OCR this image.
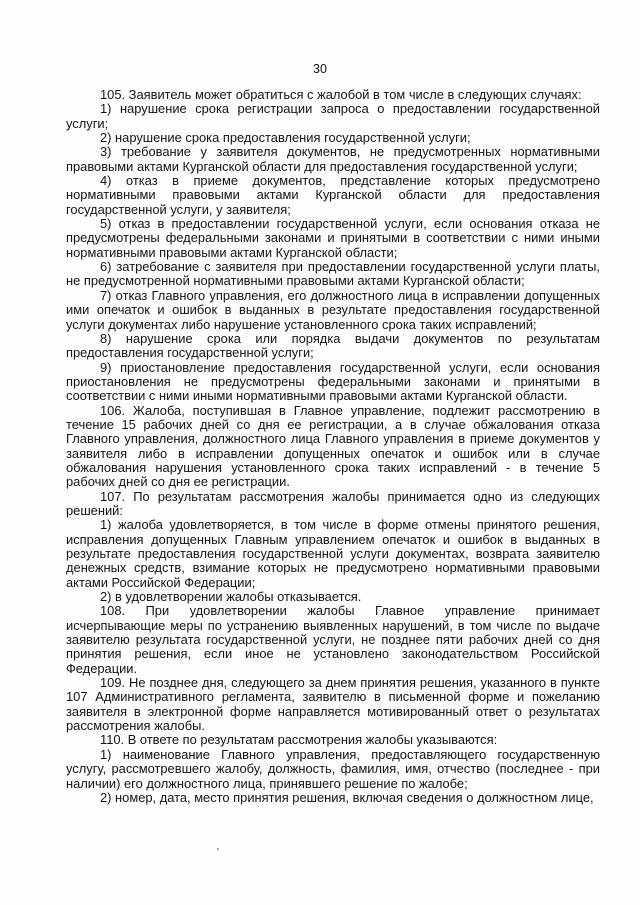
30

105. Заявитель может обратиться с жалобой в том числе в следующих случаях:

1) нарушение срока регистрации запроса о предоставлении государственной услуги;

2) нарушение срока предоставления государственной услуги;

3) требование у заявителя документов, не предусмотренных нормативными правовыми актами Курганской области для предоставления государственной услуги;

4) отказ в приеме документов, представление которых предусмотрено нормативными правовыми актами Курганской области для предоставления государственной услуги, у заявителя;

5) отказ в предоставлении государственной услуги, если основания отказа не предусмотрены федеральными законами и принятыми в соответствии с ними иными нормативными правовыми актами Курганской области;

6) затребование с заявителя при предоставлении государственной услуги платы, не предусмотренной нормативными правовыми актами Курганской области;

7) отказ Главного управления, его должностного лица в исправлении допущенных ими опечаток и ошибок в выданных в результате предоставления государственной услуги документах либо нарушение установленного срока таких исправлений;

8) нарушение срока или порядка выдачи документов по результатам предоставления государственной услуги;

9) приостановление предоставления государственной услуги, если основания приостановления не предусмотрены федеральными законами и принятыми в соответствии с ними иными нормативными правовыми актами Курганской области.

106. Жалоба, поступившая в Главное управление, подлежит рассмотрению в течение 15 рабочих дней со дня ее регистрации, а в случае обжалования отказа Главного управления, должностного лица Главного управления в приеме документов у заявителя либо в исправлении допущенных опечаток и ошибок или в случае обжалования нарушения установленного срока таких исправлений - в течение 5 рабочих дней со дня ее регистрации.

107. По результатам рассмотрения жалобы принимается одно из следующих решений:

1) жалоба удовлетворяется, в том числе в форме отмены принятого решения, исправления допущенных Главным управлением опечаток и ошибок в выданных в результате предоставления государственной услуги документах, возврата заявителю денежных средств, взимание которых не предусмотрено нормативными правовыми актами Российской Федерации;

2) в удовлетворении жалобы отказывается.

108. При удовлетворении жалобы Главное управление принимает исчерпывающие меры по устранению выявленных нарушений, в том числе по выдаче заявителю результата государственной услуги, не позднее пяти рабочих дней со дня принятия решения, если иное не установлено законодательством Российской Федерации.

109. Не позднее дня, следующего за днем принятия решения, указанного в пункте 107 Административного регламента, заявителю в письменной форме и пожеланию заявителя в электронной форме направляется мотивированный ответ о результатах рассмотрения жалобы.

110. В ответе по результатам рассмотрения жалобы указываются:

1) наименование Главного управления, предоставляющего государственную услугу, рассмотревшего жалобу, должность, фамилия, имя, отчество (последнее - при наличии) его должностного лица, принявшего решение по жалобе;

2) номер, дата, место принятия решения, включая сведения о должностном лице,
